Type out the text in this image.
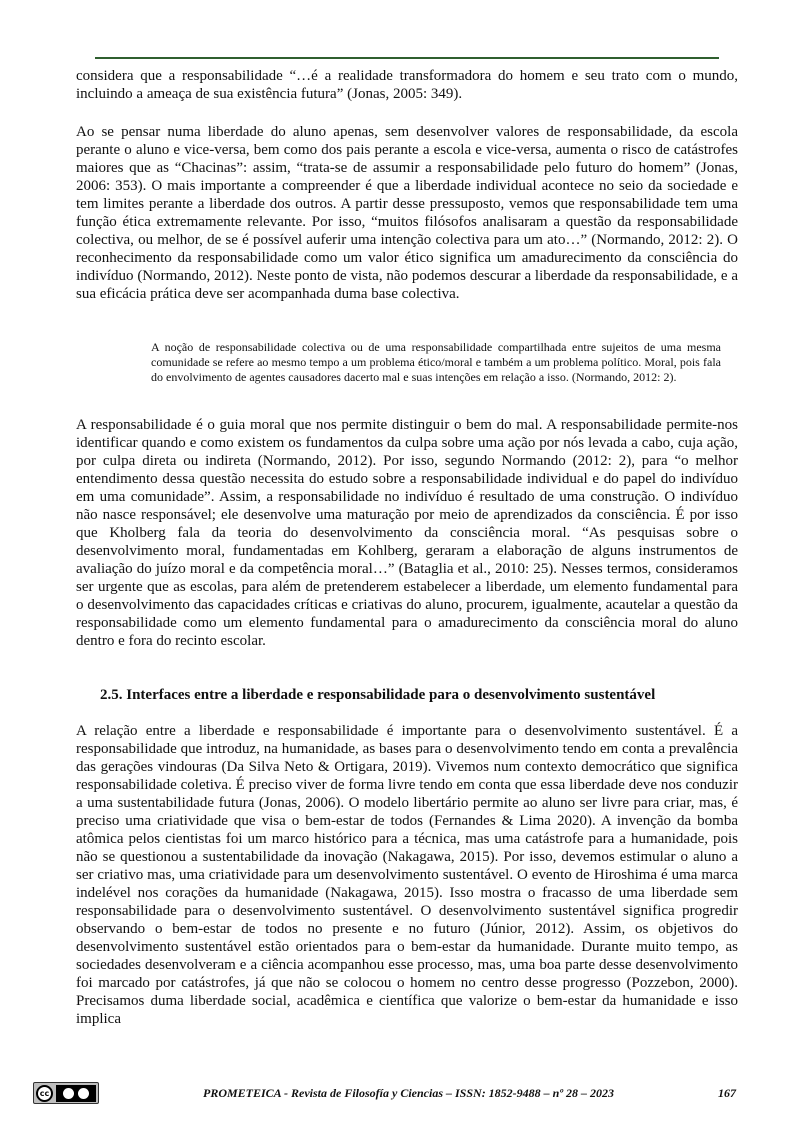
considera que a responsabilidade “…é a realidade transformadora do homem e seu trato com o mundo, incluindo a ameaça de sua existência futura” (Jonas, 2005: 349).

Ao se pensar numa liberdade do aluno apenas, sem desenvolver valores de responsabilidade, da escola perante o aluno e vice-versa, bem como dos pais perante a escola e vice-versa, aumenta o risco de catástrofes maiores que as “Chacinas”: assim, “trata-se de assumir a responsabilidade pelo futuro do homem” (Jonas, 2006: 353). O mais importante a compreender é que a liberdade individual acontece no seio da sociedade e tem limites perante a liberdade dos outros. A partir desse pressuposto, vemos que responsabilidade tem uma função ética extremamente relevante. Por isso, “muitos filósofos analisaram a questão da responsabilidade colectiva, ou melhor, de se é possível auferir uma intenção colectiva para um ato…” (Normando, 2012: 2). O reconhecimento da responsabilidade como um valor ético significa um amadurecimento da consciência do indivíduo (Normando, 2012). Neste ponto de vista, não podemos descurar a liberdade da responsabilidade, e a sua eficácia prática deve ser acompanhada duma base colectiva.

A noção de responsabilidade colectiva ou de uma responsabilidade compartilhada entre sujeitos de uma mesma comunidade se refere ao mesmo tempo a um problema ético/moral e também a um problema político. Moral, pois fala do envolvimento de agentes causadores dacerto mal e suas intenções em relação a isso. (Normando, 2012: 2).

A responsabilidade é o guia moral que nos permite distinguir o bem do mal. A responsabilidade permite-nos identificar quando e como existem os fundamentos da culpa sobre uma ação por nós levada a cabo, cuja ação, por culpa direta ou indireta (Normando, 2012). Por isso, segundo Normando (2012: 2), para “o melhor entendimento dessa questão necessita do estudo sobre a responsabilidade individual e do papel do indivíduo em uma comunidade”. Assim, a responsabilidade no indivíduo é resultado de uma construção. O indivíduo não nasce responsável; ele desenvolve uma maturação por meio de aprendizados da consciência. É por isso que Kholberg fala da teoria do desenvolvimento da consciência moral. “As pesquisas sobre o desenvolvimento moral, fundamentadas em Kohlberg, geraram a elaboração de alguns instrumentos de avaliação do juízo moral e da competência moral…” (Bataglia et al., 2010: 25). Nesses termos, consideramos ser urgente que as escolas, para além de pretenderem estabelecer a liberdade, um elemento fundamental para o desenvolvimento das capacidades críticas e criativas do aluno, procurem, igualmente, acautelar a questão da responsabilidade como um elemento fundamental para o amadurecimento da consciência moral do aluno dentro e fora do recinto escolar.

2.5. Interfaces entre a liberdade e responsabilidade para o desenvolvimento sustentável

A relação entre a liberdade e responsabilidade é importante para o desenvolvimento sustentável. É a responsabilidade que introduz, na humanidade, as bases para o desenvolvimento tendo em conta a prevalência das gerações vindouras (Da Silva Neto & Ortigara, 2019). Vivemos num contexto democrático que significa responsabilidade coletiva. É preciso viver de forma livre tendo em conta que essa liberdade deve nos conduzir a uma sustentabilidade futura (Jonas, 2006). O modelo libertário permite ao aluno ser livre para criar, mas, é preciso uma criatividade que visa o bem-estar de todos (Fernandes & Lima 2020). A invenção da bomba atômica pelos cientistas foi um marco histórico para a técnica, mas uma catástrofe para a humanidade, pois não se questionou a sustentabilidade da inovação (Nakagawa, 2015). Por isso, devemos estimular o aluno a ser criativo mas, uma criatividade para um desenvolvimento sustentável. O evento de Hiroshima é uma marca indelével nos corações da humanidade (Nakagawa, 2015). Isso mostra o fracasso de uma liberdade sem responsabilidade para o desenvolvimento sustentável. O desenvolvimento sustentável significa progredir observando o bem-estar de todos no presente e no futuro (Júnior, 2012). Assim, os objetivos do desenvolvimento sustentável estão orientados para o bem-estar da humanidade. Durante muito tempo, as sociedades desenvolveram e a ciência acompanhou esse processo, mas, uma boa parte desse desenvolvimento foi marcado por catástrofes, já que não se colocou o homem no centro desse progresso (Pozzebon, 2000). Precisamos duma liberdade social, acadêmica e científica que valorize o bem-estar da humanidade e isso implica

cc	PROMETEICA - Revista de Filosofía y Ciencias – ISSN: 1852-9488 – nº 28 – 2023	167
